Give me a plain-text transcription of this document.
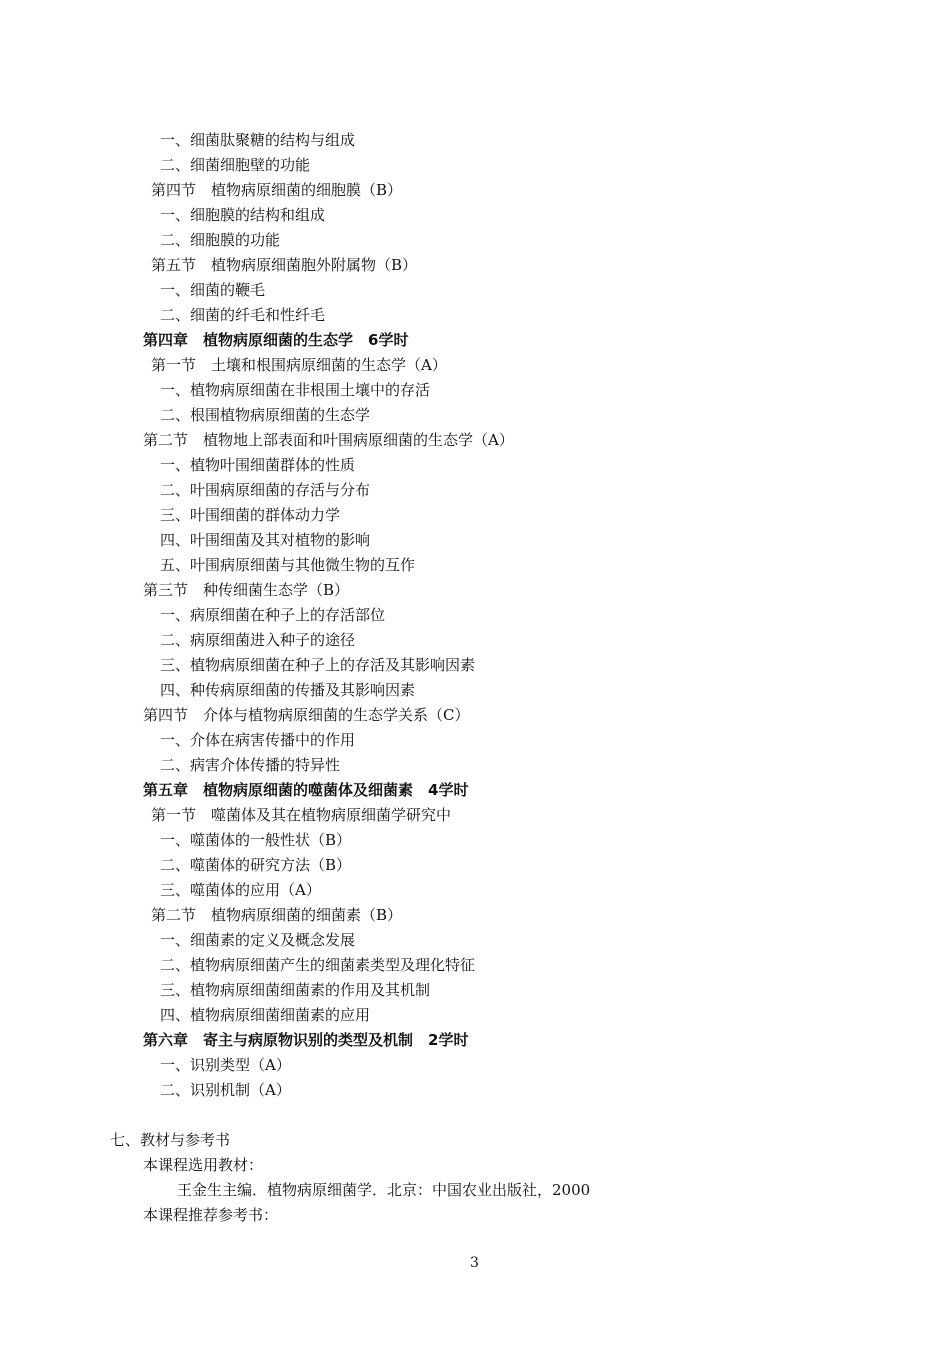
一、细菌肽聚糖的结构与组成
二、细菌细胞壁的功能
第四节　植物病原细菌的细胞膜（B）
一、细胞膜的结构和组成
二、细胞膜的功能
第五节　植物病原细菌胞外附属物（B）
一、细菌的鞭毛
二、细菌的纤毛和性纤毛
第四章　植物病原细菌的生态学　6学时
第一节　土壤和根围病原细菌的生态学（A）
一、植物病原细菌在非根围土壤中的存活
二、根围植物病原细菌的生态学
第二节　植物地上部表面和叶围病原细菌的生态学（A）
一、植物叶围细菌群体的性质
二、叶围病原细菌的存活与分布
三、叶围细菌的群体动力学
四、叶围细菌及其对植物的影响
五、叶围病原细菌与其他微生物的互作
第三节　种传细菌生态学（B）
一、病原细菌在种子上的存活部位
二、病原细菌进入种子的途径
三、植物病原细菌在种子上的存活及其影响因素
四、种传病原细菌的传播及其影响因素
第四节　介体与植物病原细菌的生态学关系（C）
一、介体在病害传播中的作用
二、病害介体传播的特异性
第五章　植物病原细菌的噬菌体及细菌素　4学时
第一节　噬菌体及其在植物病原细菌学研究中
一、噬菌体的一般性状（B）
二、噬菌体的研究方法（B）
三、噬菌体的应用（A）
第二节　植物病原细菌的细菌素（B）
一、细菌素的定义及概念发展
二、植物病原细菌产生的细菌素类型及理化特征
三、植物病原细菌细菌素的作用及其机制
四、植物病原细菌细菌素的应用
第六章　寄主与病原物识别的类型及机制　2学时
一、识别类型（A）
二、识别机制（A）
七、教材与参考书
本课程选用教材：
王金生主编．植物病原细菌学．北京：中国农业出版社，2000
本课程推荐参考书：
3
